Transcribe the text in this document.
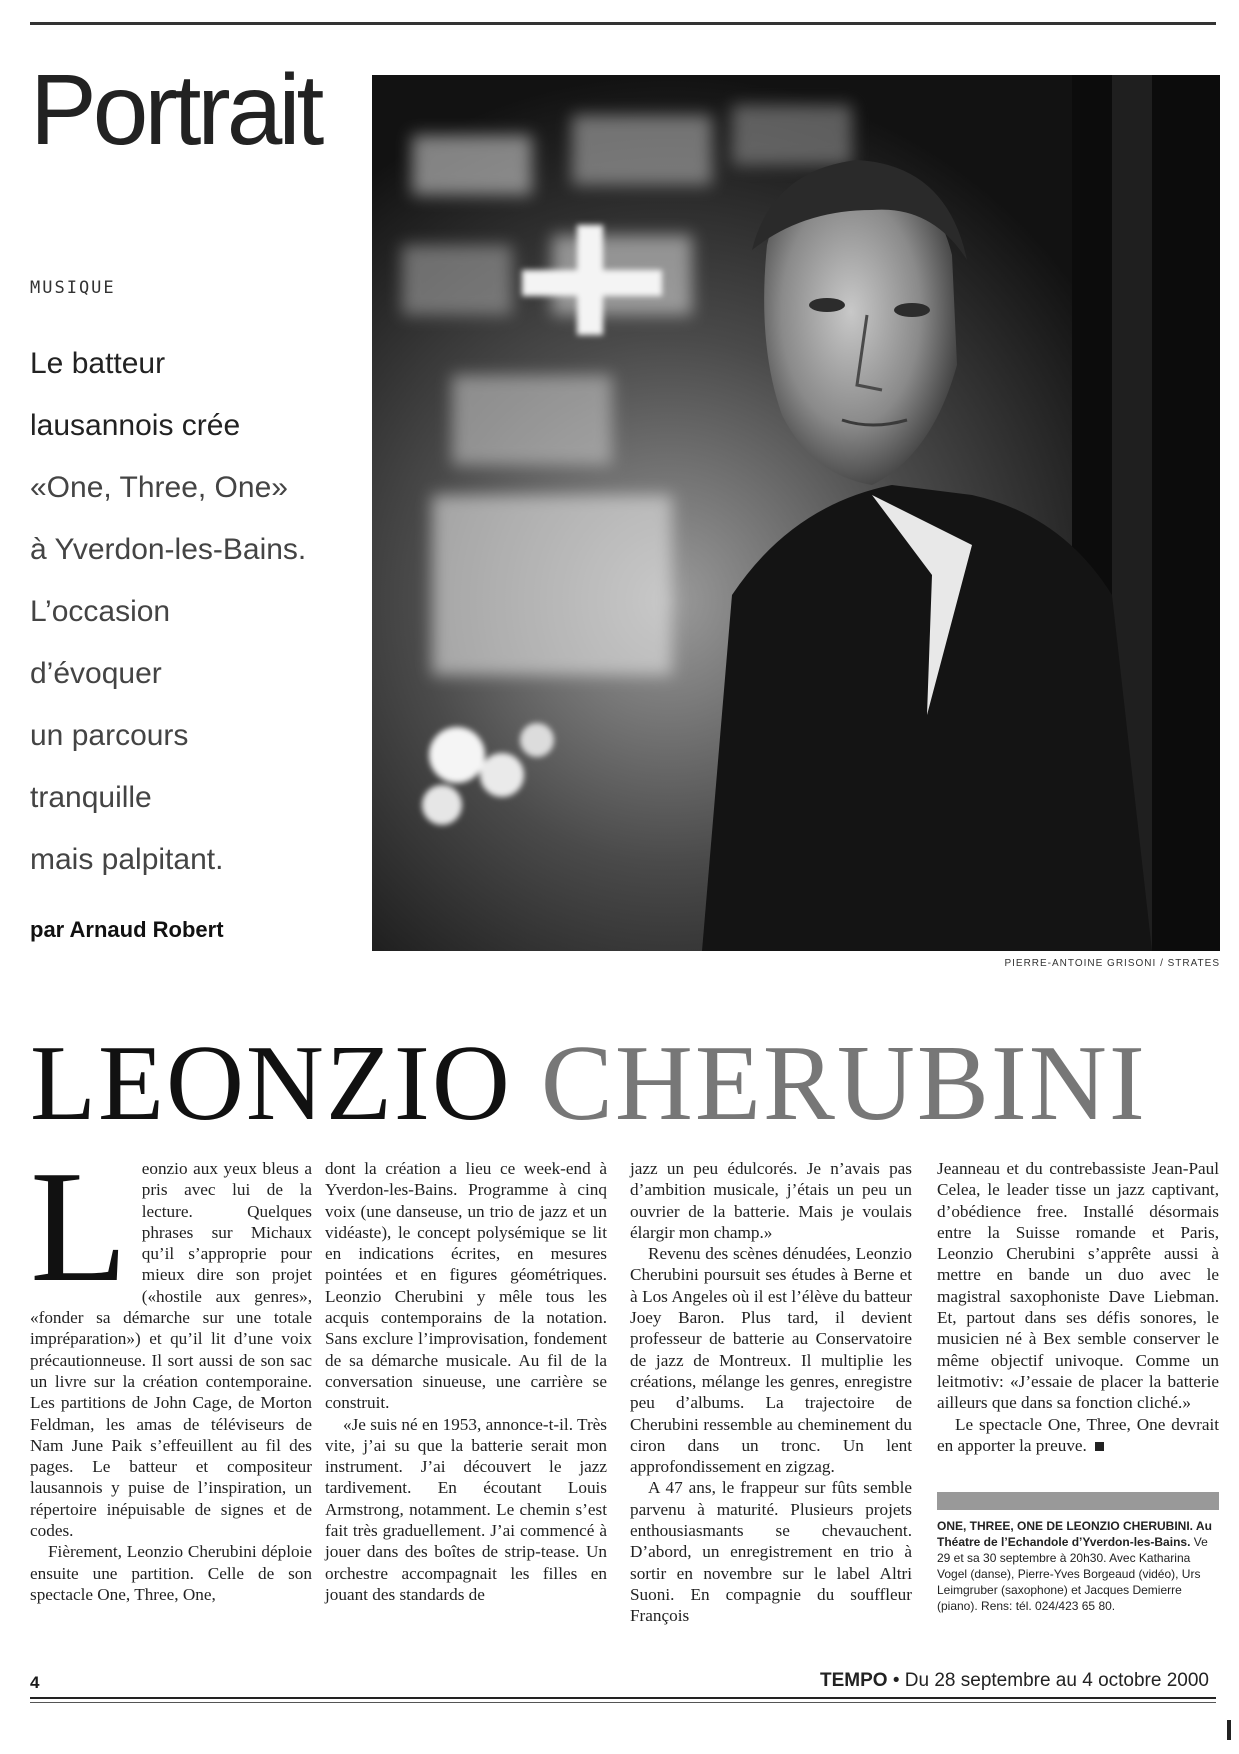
Portrait
MUSIQUE
Le batteur
lausannois crée
«One, Three, One»
à Yverdon-les-Bains.
L’occasion
d’évoquer
un parcours
tranquille
mais palpitant.
par Arnaud Robert
PIERRE-ANTOINE GRISONI / STRATES
LEONZIO CHERUBINI
L eonzio aux yeux bleus a pris avec lui de la lecture. Quelques phrases sur Michaux qu’il s’approprie pour mieux dire son projet («hostile aux genres», «fonder sa démarche sur une totale impréparation») et qu’il lit d’une voix précautionneuse. Il sort aussi de son sac un livre sur la création contemporaine. Les partitions de John Cage, de Morton Feldman, les amas de téléviseurs de Nam June Paik s’effeuillent au fil des pages. Le batteur et compositeur lausannois y puise de l’inspiration, un répertoire inépuisable de signes et de codes.

Fièrement, Leonzio Cherubini déploie ensuite une partition. Celle de son spectacle One, Three, One,

dont la création a lieu ce week-end à Yverdon-les-Bains. Programme à cinq voix (une danseuse, un trio de jazz et un vidéaste), le concept polysémique se lit en indications écrites, en mesures pointées et en figures géométriques. Leonzio Cherubini y mêle tous les acquis contemporains de la notation. Sans exclure l’improvisation, fondement de sa démarche musicale. Au fil de la conversation sinueuse, une carrière se construit.

«Je suis né en 1953, annonce-t-il. Très vite, j’ai su que la batterie serait mon instrument. J’ai découvert le jazz tardivement. En écoutant Louis Armstrong, notamment. Le chemin s’est fait très graduellement. J’ai commencé à jouer dans des boîtes de strip-tease. Un orchestre accompagnait les filles en jouant des standards de

jazz un peu édulcorés. Je n’avais pas d’ambition musicale, j’étais un peu un ouvrier de la batterie. Mais je voulais élargir mon champ.»

Revenu des scènes dénudées, Leonzio Cherubini poursuit ses études à Berne et à Los Angeles où il est l’élève du batteur Joey Baron. Plus tard, il devient professeur de batterie au Conservatoire de jazz de Montreux. Il multiplie les créations, mélange les genres, enregistre peu d’albums. La trajectoire de Cherubini ressemble au cheminement du ciron dans un tronc. Un lent approfondissement en zigzag.

A 47 ans, le frappeur sur fûts semble parvenu à maturité. Plusieurs projets enthousiasmants se chevauchent. D’abord, un enregistrement en trio à sortir en novembre sur le label Altri Suoni. En compagnie du souffleur François

Jeanneau et du contrebassiste Jean-Paul Celea, le leader tisse un jazz captivant, d’obédience free. Installé désormais entre la Suisse romande et Paris, Leonzio Cherubini s’apprête aussi à mettre en bande un duo avec le magistral saxophoniste Dave Liebman. Et, partout dans ses défis sonores, le musicien né à Bex semble conserver le même objectif univoque. Comme un leitmotiv: «J’essaie de placer la batterie ailleurs que dans sa fonction cliché.»

Le spectacle One, Three, One devrait en apporter la preuve.

ONE, THREE, ONE DE LEONZIO CHERUBINI. Au Théatre de l’Echandole d’Yverdon-les-Bains. Ve 29 et sa 30 septembre à 20h30. Avec Katharina Vogel (danse), Pierre-Yves Borgeaud (vidéo), Urs Leimgruber (saxophone) et Jacques Demierre (piano). Rens: tél. 024/423 65 80.
4	TEMPO • Du 28 septembre au 4 octobre 2000
